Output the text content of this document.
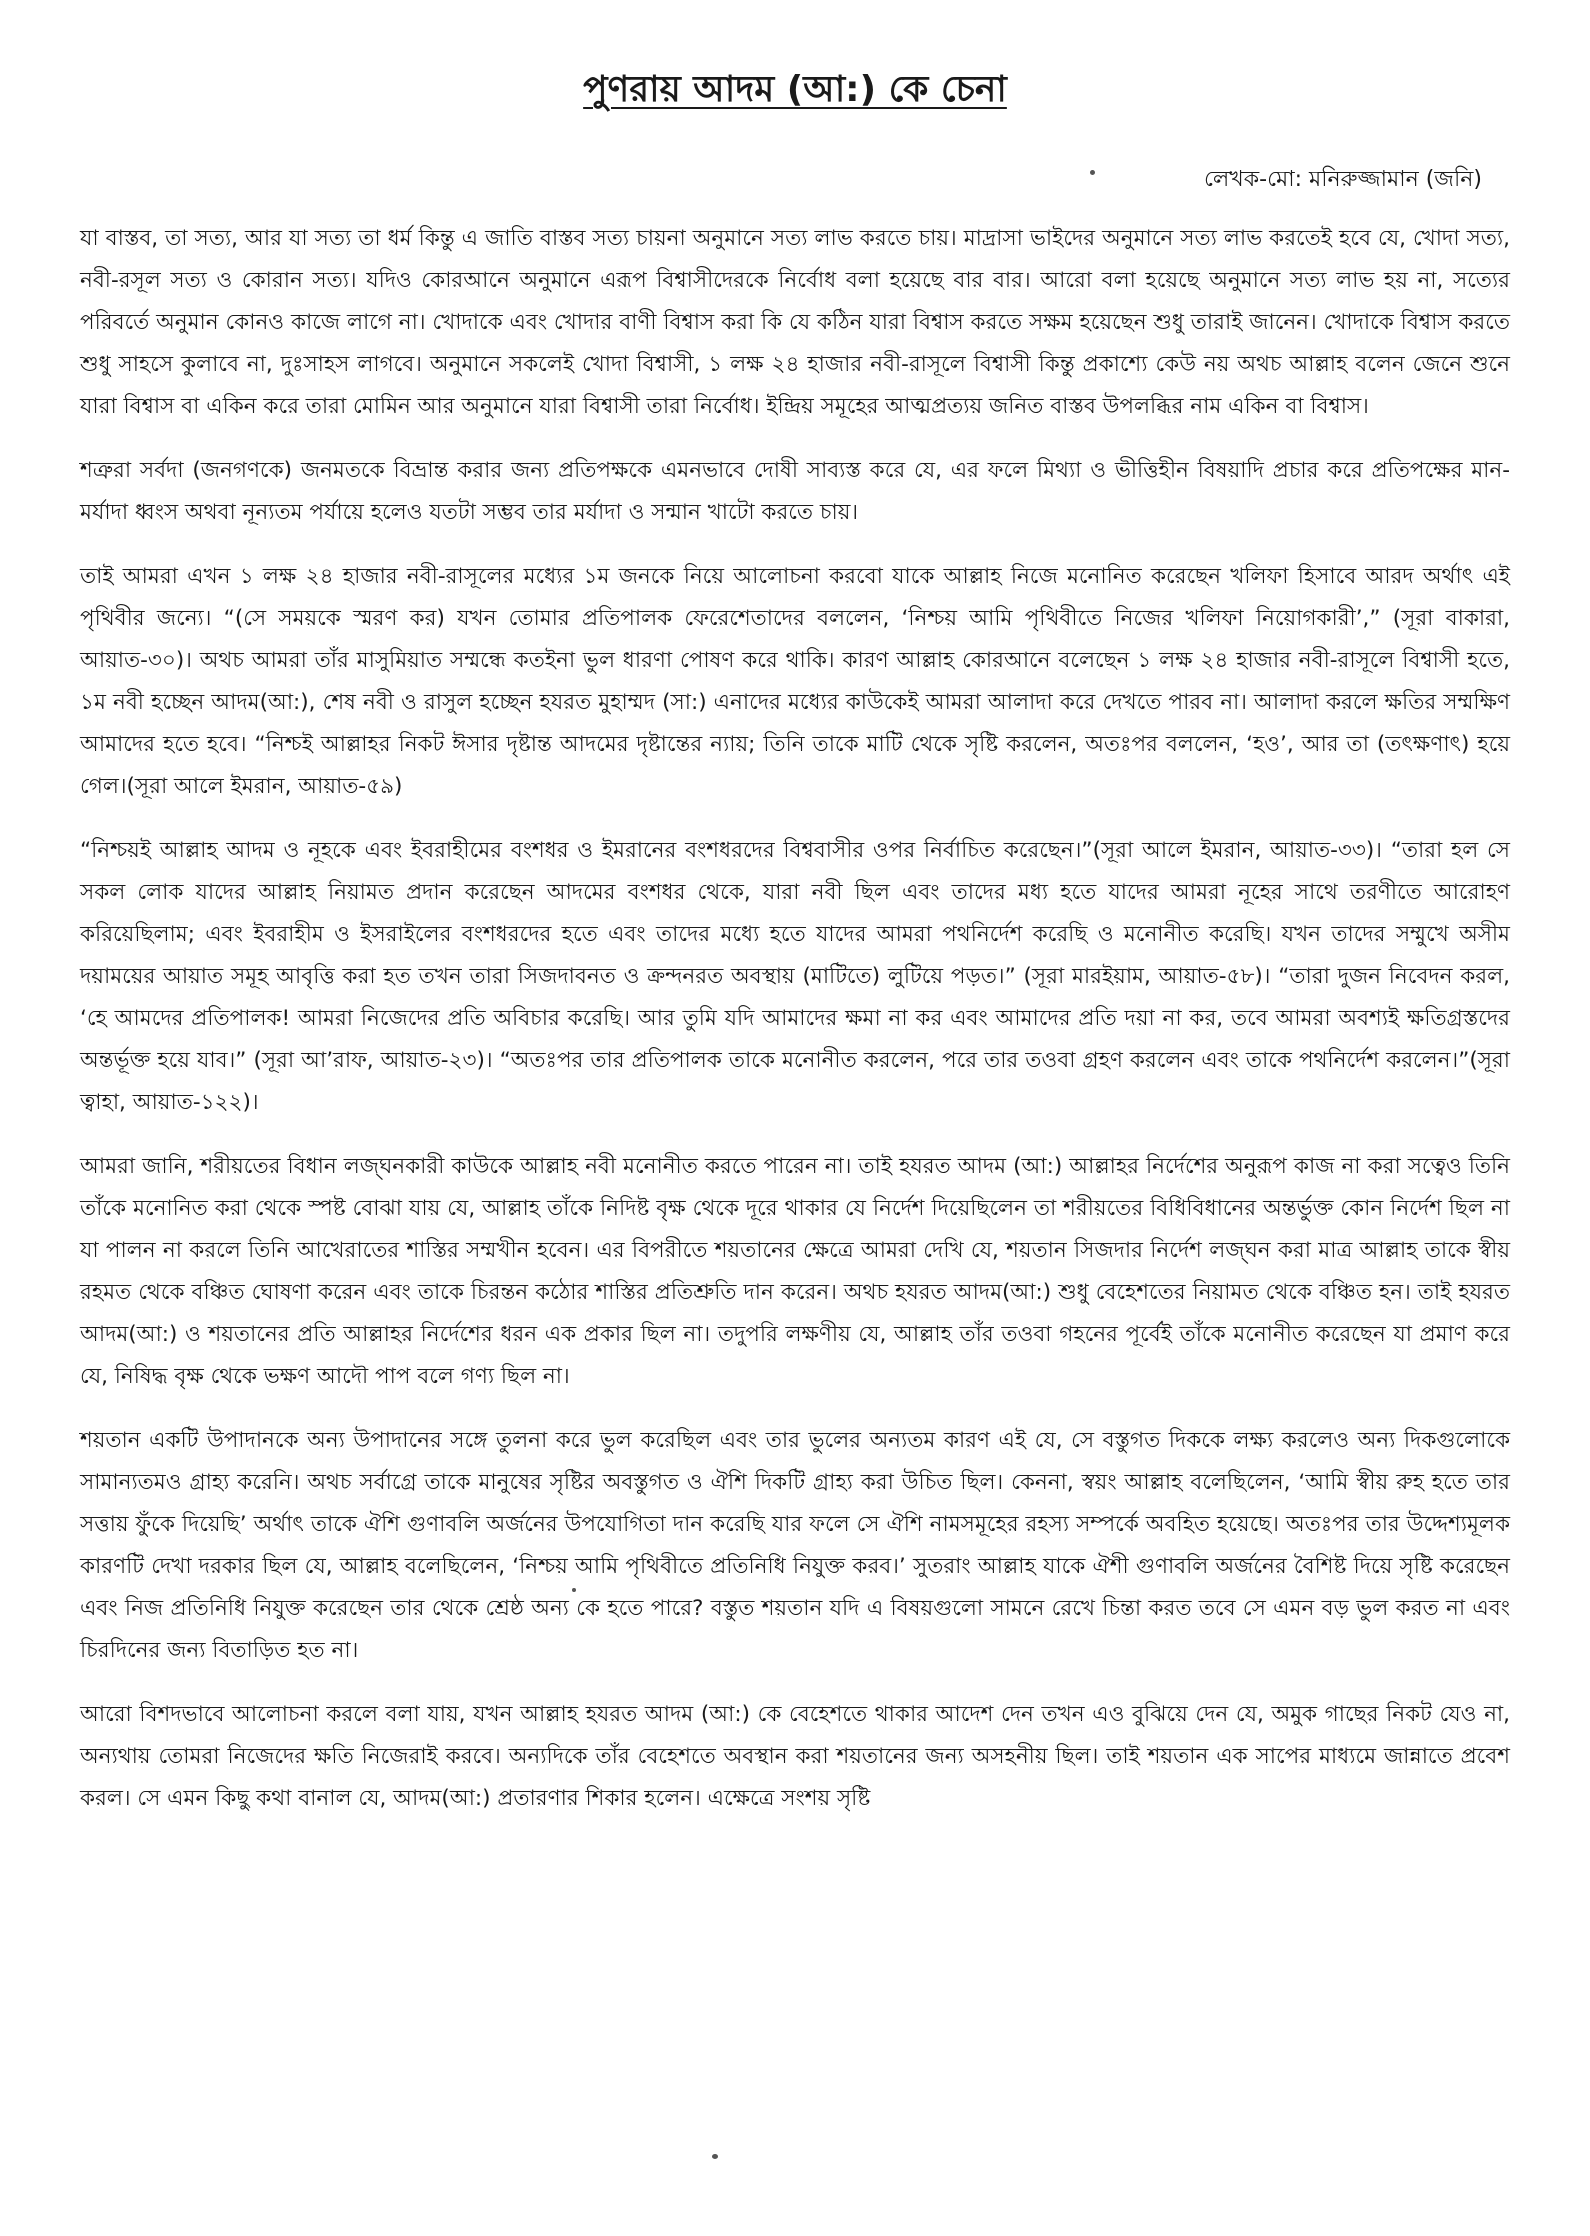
পুণরায় আদম (আ:) কে চেনা
লেখক-মো: মনিরুজ্জামান (জনি)

যা বাস্তব, তা সত্য, আর যা সত্য তা ধর্ম কিন্তু এ জাতি বাস্তব সত্য চায়না অনুমানে সত্য লাভ করতে চায়। মাদ্রাসা ভাইদের অনুমানে সত্য লাভ করতেই হবে যে, খোদা সত্য, নবী-রসূল সত্য ও কোরান সত্য। যদিও কোরআনে অনুমানে এরূপ বিশ্বাসীদেরকে নির্বোধ বলা হয়েছে বার বার। আরো বলা হয়েছে অনুমানে সত্য লাভ হয় না, সত্যের পরিবর্তে অনুমান কোনও কাজে লাগে না। খোদাকে এবং খোদার বাণী বিশ্বাস করা কি যে কঠিন যারা বিশ্বাস করতে সক্ষম হয়েছেন শুধু তারাই জানেন। খোদাকে বিশ্বাস করতে শুধু সাহসে কুলাবে না, দুঃসাহস লাগবে। অনুমানে সকলেই খোদা বিশ্বাসী, ১ লক্ষ ২৪ হাজার নবী-রাসূলে বিশ্বাসী কিন্তু প্রকাশ্যে কেউ নয় অথচ আল্লাহ বলেন জেনে শুনে যারা বিশ্বাস বা একিন করে তারা মোমিন আর অনুমানে যারা বিশ্বাসী তারা নির্বোধ। ইন্দ্রিয় সমূহের আত্মপ্রত্যয় জনিত বাস্তব উপলব্ধির নাম একিন বা বিশ্বাস।

শত্রুরা সর্বদা (জনগণকে) জনমতকে বিভ্রান্ত করার জন্য প্রতিপক্ষকে এমনভাবে দোষী সাব্যস্ত করে যে, এর ফলে মিথ্যা ও ভীত্তিহীন বিষয়াদি প্রচার করে প্রতিপক্ষের মান-মর্যাদা ধ্বংস অথবা নূন্যতম পর্যায়ে হলেও যতটা সম্ভব তার মর্যাদা ও সন্মান খাটো করতে চায়।

তাই আমরা এখন ১ লক্ষ ২৪ হাজার নবী-রাসূলের মধ্যের ১ম জনকে নিয়ে আলোচনা করবো যাকে আল্লাহ নিজে মনোনিত করেছেন খলিফা হিসাবে আরদ অর্থাৎ এই পৃথিবীর জন্যে। “(সে সময়কে স্মরণ কর) যখন তোমার প্রতিপালক ফেরেশেতাদের বললেন, ‘নিশ্চয় আমি পৃথিবীতে নিজের খলিফা নিয়োগকারী’,” (সূরা বাকারা, আয়াত-৩০)। অথচ আমরা তাঁর মাসুমিয়াত সম্মন্ধে কতইনা ভুল ধারণা পোষণ করে থাকি। কারণ আল্লাহ কোরআনে বলেছেন ১ লক্ষ ২৪ হাজার নবী-রাসূলে বিশ্বাসী হতে, ১ম নবী হচ্ছেন আদম(আ:), শেষ নবী ও রাসুল হচ্ছেন হযরত মুহাম্মদ (সা:) এনাদের মধ্যের কাউকেই আমরা আলাদা করে দেখতে পারব না। আলাদা করলে ক্ষতির সম্মক্ষিণ আমাদের হতে হবে। “নিশ্চই আল্লাহর নিকট ঈসার দৃষ্টান্ত আদমের দৃষ্টান্তের ন্যায়; তিনি তাকে মাটি থেকে সৃষ্টি করলেন, অতঃপর বললেন, ‘হও’, আর তা (তৎক্ষণাৎ) হয়ে গেল।(সূরা আলে ইমরান, আয়াত-৫৯)

“নিশ্চয়ই আল্লাহ আদম ও নূহকে এবং ইবরাহীমের বংশধর ও ইমরানের বংশধরদের বিশ্ববাসীর ওপর নির্বাচিত করেছেন।”(সূরা আলে ইমরান, আয়াত-৩৩)। “তারা হল সে সকল লোক যাদের আল্লাহ নিয়ামত প্রদান করেছেন আদমের বংশধর থেকে, যারা নবী ছিল এবং তাদের মধ্য হতে যাদের আমরা নূহের সাথে তরণীতে আরোহণ করিয়েছিলাম; এবং ইবরাহীম ও ইসরাইলের বংশধরদের হতে এবং তাদের মধ্যে হতে যাদের আমরা পথনির্দেশ করেছি ও মনোনীত করেছি। যখন তাদের সম্মুখে অসীম দয়াময়ের আয়াত সমূহ আবৃত্তি করা হত তখন তারা সিজদাবনত ও ক্রন্দনরত অবস্থায় (মাটিতে) লুটিয়ে পড়ত।” (সূরা মারইয়াম, আয়াত-৫৮)। “তারা দুজন নিবেদন করল, ‘হে আমদের প্রতিপালক! আমরা নিজেদের প্রতি অবিচার করেছি। আর তুমি যদি আমাদের ক্ষমা না কর এবং আমাদের প্রতি দয়া না কর, তবে আমরা অবশ্যই ক্ষতিগ্রস্তদের অন্তর্ভূক্ত হয়ে যাব।” (সূরা আ’রাফ, আয়াত-২৩)। “অতঃপর তার প্রতিপালক তাকে মনোনীত করলেন, পরে তার তওবা গ্রহণ করলেন এবং তাকে পথনির্দেশ করলেন।”(সূরা ত্বাহা, আয়াত-১২২)।

আমরা জানি, শরীয়তের বিধান লজ্ঘনকারী কাউকে আল্লাহ নবী মনোনীত করতে পারেন না। তাই হযরত আদম (আ:) আল্লাহর নির্দেশের অনুরূপ কাজ না করা সত্বেও তিনি তাঁকে মনোনিত করা থেকে স্পষ্ট বোঝা যায় যে, আল্লাহ তাঁকে নিদিষ্ট বৃক্ষ থেকে দূরে থাকার যে নির্দেশ দিয়েছিলেন তা শরীয়তের বিধিবিধানের অন্তর্ভুক্ত কোন নির্দেশ ছিল না যা পালন না করলে তিনি আখেরাতের শাস্তির সম্মখীন হবেন। এর বিপরীতে শয়তানের ক্ষেত্রে আমরা দেখি যে, শয়তান সিজদার নির্দেশ লজ্ঘন করা মাত্র আল্লাহ তাকে স্বীয় রহমত থেকে বঞ্চিত ঘোষণা করেন এবং তাকে চিরন্তন কঠোর শাস্তির প্রতিশ্রুতি দান করেন। অথচ হযরত আদম(আ:) শুধু বেহেশতের নিয়ামত থেকে বঞ্চিত হন। তাই হযরত আদম(আ:) ও শয়তানের প্রতি আল্লাহর নির্দেশের ধরন এক প্রকার ছিল না। তদুপরি লক্ষণীয় যে, আল্লাহ তাঁর তওবা গহনের পূর্বেই তাঁকে মনোনীত করেছেন যা প্রমাণ করে যে, নিষিদ্ধ বৃক্ষ থেকে ভক্ষণ আদৌ পাপ বলে গণ্য ছিল না।

শয়তান একটি উপাদানকে অন্য উপাদানের সঙ্গে তুলনা করে ভুল করেছিল এবং তার ভুলের অন্যতম কারণ এই যে, সে বস্তুগত দিককে লক্ষ্য করলেও অন্য দিকগুলোকে সামান্যতমও গ্রাহ্য করেনি। অথচ সর্বাগ্রে তাকে মানুষের সৃষ্টির অবস্তুগত ও ঐশি দিকটি গ্রাহ্য করা উচিত ছিল। কেননা, স্বয়ং আল্লাহ বলেছিলেন, ‘আমি স্বীয় রুহ হতে তার সত্তায় ফুঁকে দিয়েছি’ অর্থাৎ তাকে ঐশি গুণাবলি অর্জনের উপযোগিতা দান করেছি যার ফলে সে ঐশি নামসমূহের রহস্য সম্পর্কে অবহিত হয়েছে। অতঃপর তার উদ্দেশ্যমূলক কারণটি দেখা দরকার ছিল যে, আল্লাহ বলেছিলেন, ‘নিশ্চয় আমি পৃথিবীতে প্রতিনিধি নিযুক্ত করব।’ সুতরাং আল্লাহ যাকে ঐশী গুণাবলি অর্জনের বৈশিষ্ট দিয়ে সৃষ্টি করেছেন এবং নিজ প্রতিনিধি নিযুক্ত করেছেন তার থেকে শ্রেষ্ঠ অন্য কে হতে পারে? বস্তুত শয়তান যদি এ বিষয়গুলো সামনে রেখে চিন্তা করত তবে সে এমন বড় ভুল করত না এবং চিরদিনের জন্য বিতাড়িত হত না।

আরো বিশদভাবে আলোচনা করলে বলা যায়, যখন আল্লাহ হযরত আদম (আ:) কে বেহেশতে থাকার আদেশ দেন তখন এও বুঝিয়ে দেন যে, অমুক গাছের নিকট যেও না, অন্যথায় তোমরা নিজেদের ক্ষতি নিজেরাই করবে। অন্যদিকে তাঁর বেহেশতে অবস্থান করা শয়তানের জন্য অসহনীয় ছিল। তাই শয়তান এক সাপের মাধ্যমে জান্নাতে প্রবেশ করল। সে এমন কিছু কথা বানাল যে, আদম(আ:) প্রতারণার শিকার হলেন। এক্ষেত্রে সংশয় সৃষ্টি
